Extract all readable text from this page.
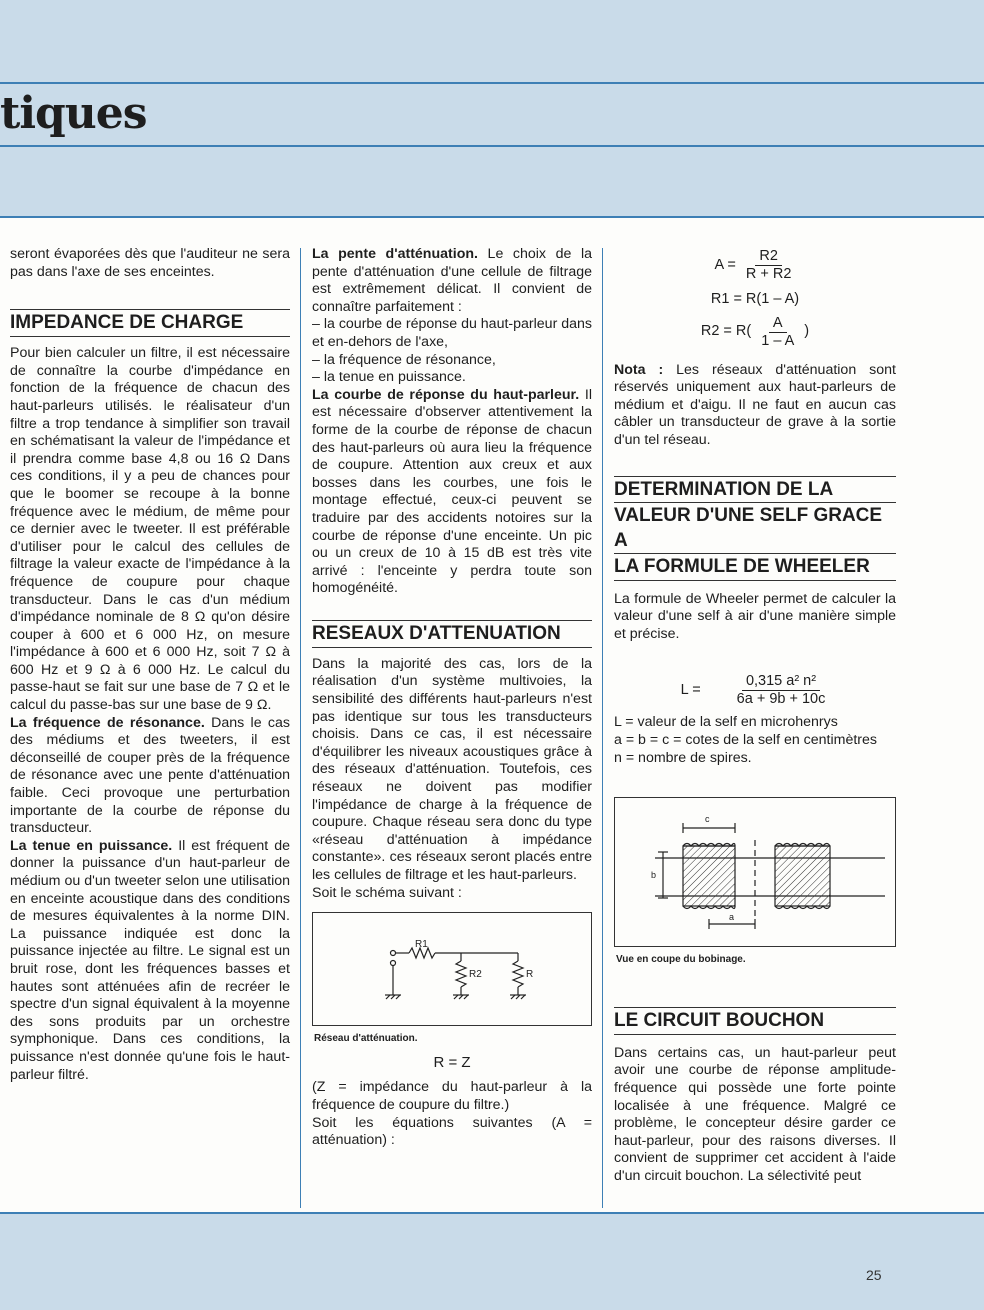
tiques

seront évaporées dès que l'auditeur ne sera pas dans l'axe de ses enceintes.

IMPEDANCE DE CHARGE

Pour bien calculer un filtre, il est nécessaire de connaître la courbe d'impédance en fonction de la fréquence de chacun des haut-parleurs utilisés. le réalisateur d'un filtre a trop tendance à simplifier son travail en schématisant la valeur de l'impédance et il prendra comme base 4,8 ou 16 Ω Dans ces conditions, il y a peu de chances pour que le boomer se recoupe à la bonne fréquence avec le médium, de même pour ce dernier avec le tweeter. Il est préférable d'utiliser pour le calcul des cellules de filtrage la valeur exacte de l'impédance à la fréquence de coupure pour chaque transducteur. Dans le cas d'un médium d'impédance nominale de 8 Ω qu'on désire couper à 600 et 6 000 Hz, on mesure l'impédance à 600 et 6 000 Hz, soit 7 Ω à 600 Hz et 9 Ω à 6 000 Hz. Le calcul du passe-haut se fait sur une base de 7 Ω et le calcul du passe-bas sur une base de 9 Ω.

La fréquence de résonance. Dans le cas des médiums et des tweeters, il est déconseillé de couper près de la fréquence de résonance avec une pente d'atténuation faible. Ceci provoque une perturbation importante de la courbe de réponse du transducteur.

La tenue en puissance. Il est fréquent de donner la puissance d'un haut-parleur de médium ou d'un tweeter selon une utilisation en enceinte acoustique dans des conditions de mesures équivalentes à la norme DIN. La puissance indiquée est donc la puissance injectée au filtre. Le signal est un bruit rose, dont les fréquences basses et hautes sont atténuées afin de recréer le spectre d'un signal équivalent à la moyenne des sons produits par un orchestre symphonique. Dans ces conditions, la puissance n'est donnée qu'une fois le haut-parleur filtré.

La pente d'atténuation. Le choix de la pente d'atténuation d'une cellule de filtrage est extrêmement délicat. Il convient de connaître parfaitement :

– la courbe de réponse du haut-parleur dans et en-dehors de l'axe,

– la fréquence de résonance,

– la tenue en puissance.

La courbe de réponse du haut-parleur. Il est nécessaire d'observer attentivement la forme de la courbe de réponse de chacun des haut-parleurs où aura lieu la fréquence de coupure. Attention aux creux et aux bosses dans les courbes, une fois le montage effectué, ceux-ci peuvent se traduire par des accidents notoires sur la courbe de réponse d'une enceinte. Un pic ou un creux de 10 à 15 dB est très vite arrivé : l'enceinte y perdra toute son homogénéité.

RESEAUX D'ATTENUATION

Dans la majorité des cas, lors de la réalisation d'un système multivoies, la sensibilité des différents haut-parleurs n'est pas identique sur tous les transducteurs choisis. Dans ce cas, il est nécessaire d'équilibrer les niveaux acoustiques grâce à des réseaux d'atténuation. Toutefois, ces réseaux ne doivent pas modifier l'impédance de charge à la fréquence de coupure. Chaque réseau sera donc du type «réseau d'atténuation à impédance constante». ces réseaux seront placés entre les cellules de filtrage et les haut-parleurs.

Soit le schéma suivant :

R1
R2	R
Réseau d'atténuation.
R = Z

(Z = impédance du haut-parleur à la fréquence de coupure du filtre.)

Soit les équations suivantes (A = atténuation) :

$A = \frac{R2}{R + R2}$
R1 = R(1 – A)
$R2 = R( \frac{A}{1 - A}$ )

Nota : Les réseaux d'atténuation sont réservés uniquement aux haut-parleurs de médium et d'aigu. Il ne faut en aucun cas câbler un transducteur de grave à la sortie d'un tel réseau.

DETERMINATION DE LA
VALEUR D'UNE SELF GRACE A
LA FORMULE DE WHEELER

La formule de Wheeler permet de calculer la valeur d'une self à air d'une manière simple et précise.

$L = \frac{\text{0,315 a² n²}}{6a + 9b + 10c}$

L = valeur de la self en microhenrys

a = b = c = cotes de la self en centimètres

n = nombre de spires.

c
b
a
Vue en coupe du bobinage.
LE CIRCUIT BOUCHON

Dans certains cas, un haut-parleur peut avoir une courbe de réponse amplitude-fréquence qui possède une forte pointe localisée à une fréquence. Malgré ce problème, le concepteur désire garder ce haut-parleur, pour des raisons diverses. Il convient de supprimer cet accident à l'aide d'un circuit bouchon. La sélectivité peut

25
